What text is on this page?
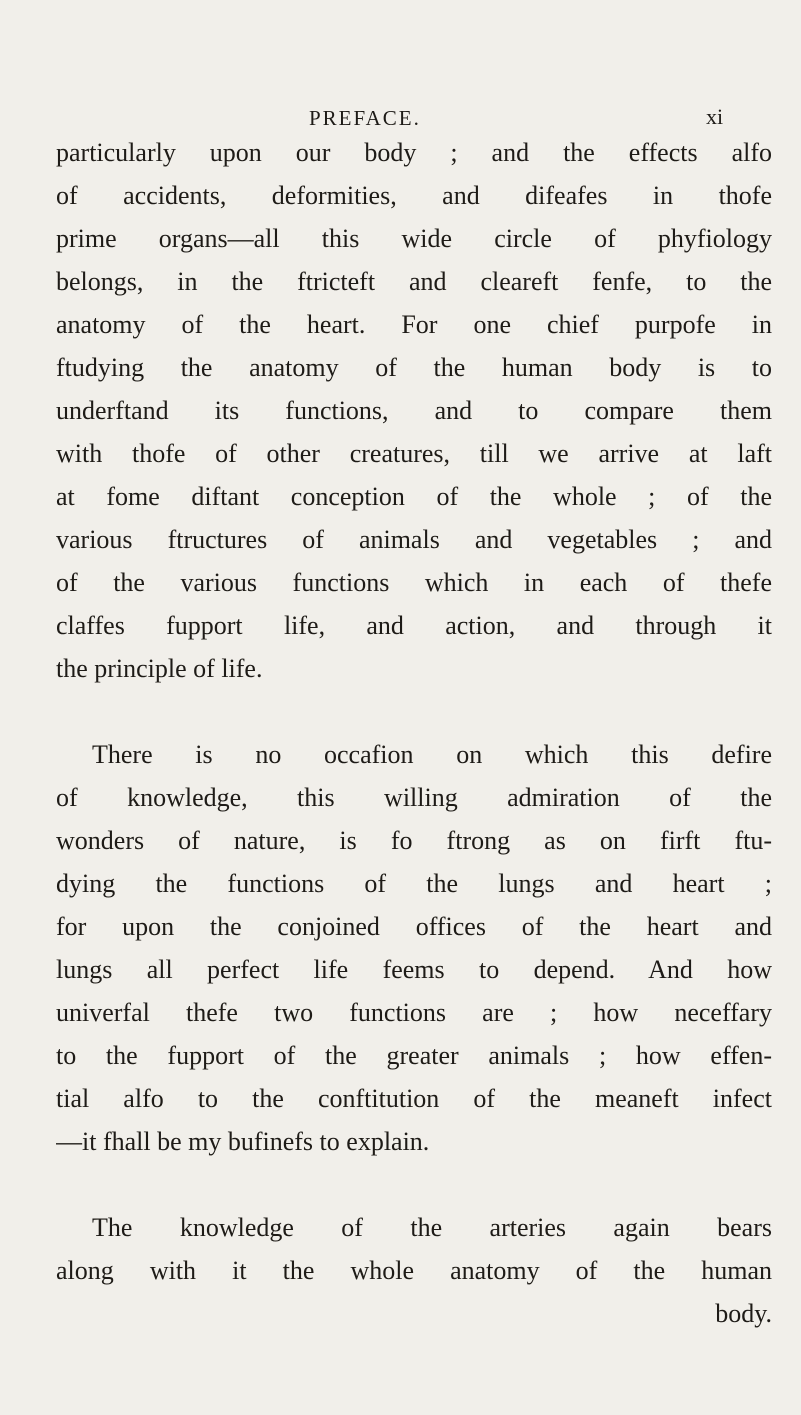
PREFACE.	xi
particularly upon our body ; and the effects alfo
of accidents, deformities, and difeafes in thofe
prime organs—all this wide circle of phyfiology
belongs, in the ftricteft and cleareft fenfe, to the
anatomy of the heart. For one chief purpofe in
ftudying the anatomy of the human body is to
underftand its functions, and to compare them
with thofe of other creatures, till we arrive at laft
at fome diftant conception of the whole ; of the
various ftructures of animals and vegetables ; and
of the various functions which in each of thefe
claffes fupport life, and action, and through it
the principle of life.
There is no occafion on which this defire
of knowledge, this willing admiration of the
wonders of nature, is fo ftrong as on firft ftu-
dying the functions of the lungs and heart ;
for upon the conjoined offices of the heart and
lungs all perfect life feems to depend. And how
univerfal thefe two functions are ; how neceffary
to the fupport of the greater animals ; how effen-
tial alfo to the conftitution of the meaneft infect
—it fhall be my bufinefs to explain.
The knowledge of the arteries again bears
along with it the whole anatomy of the human
body.
